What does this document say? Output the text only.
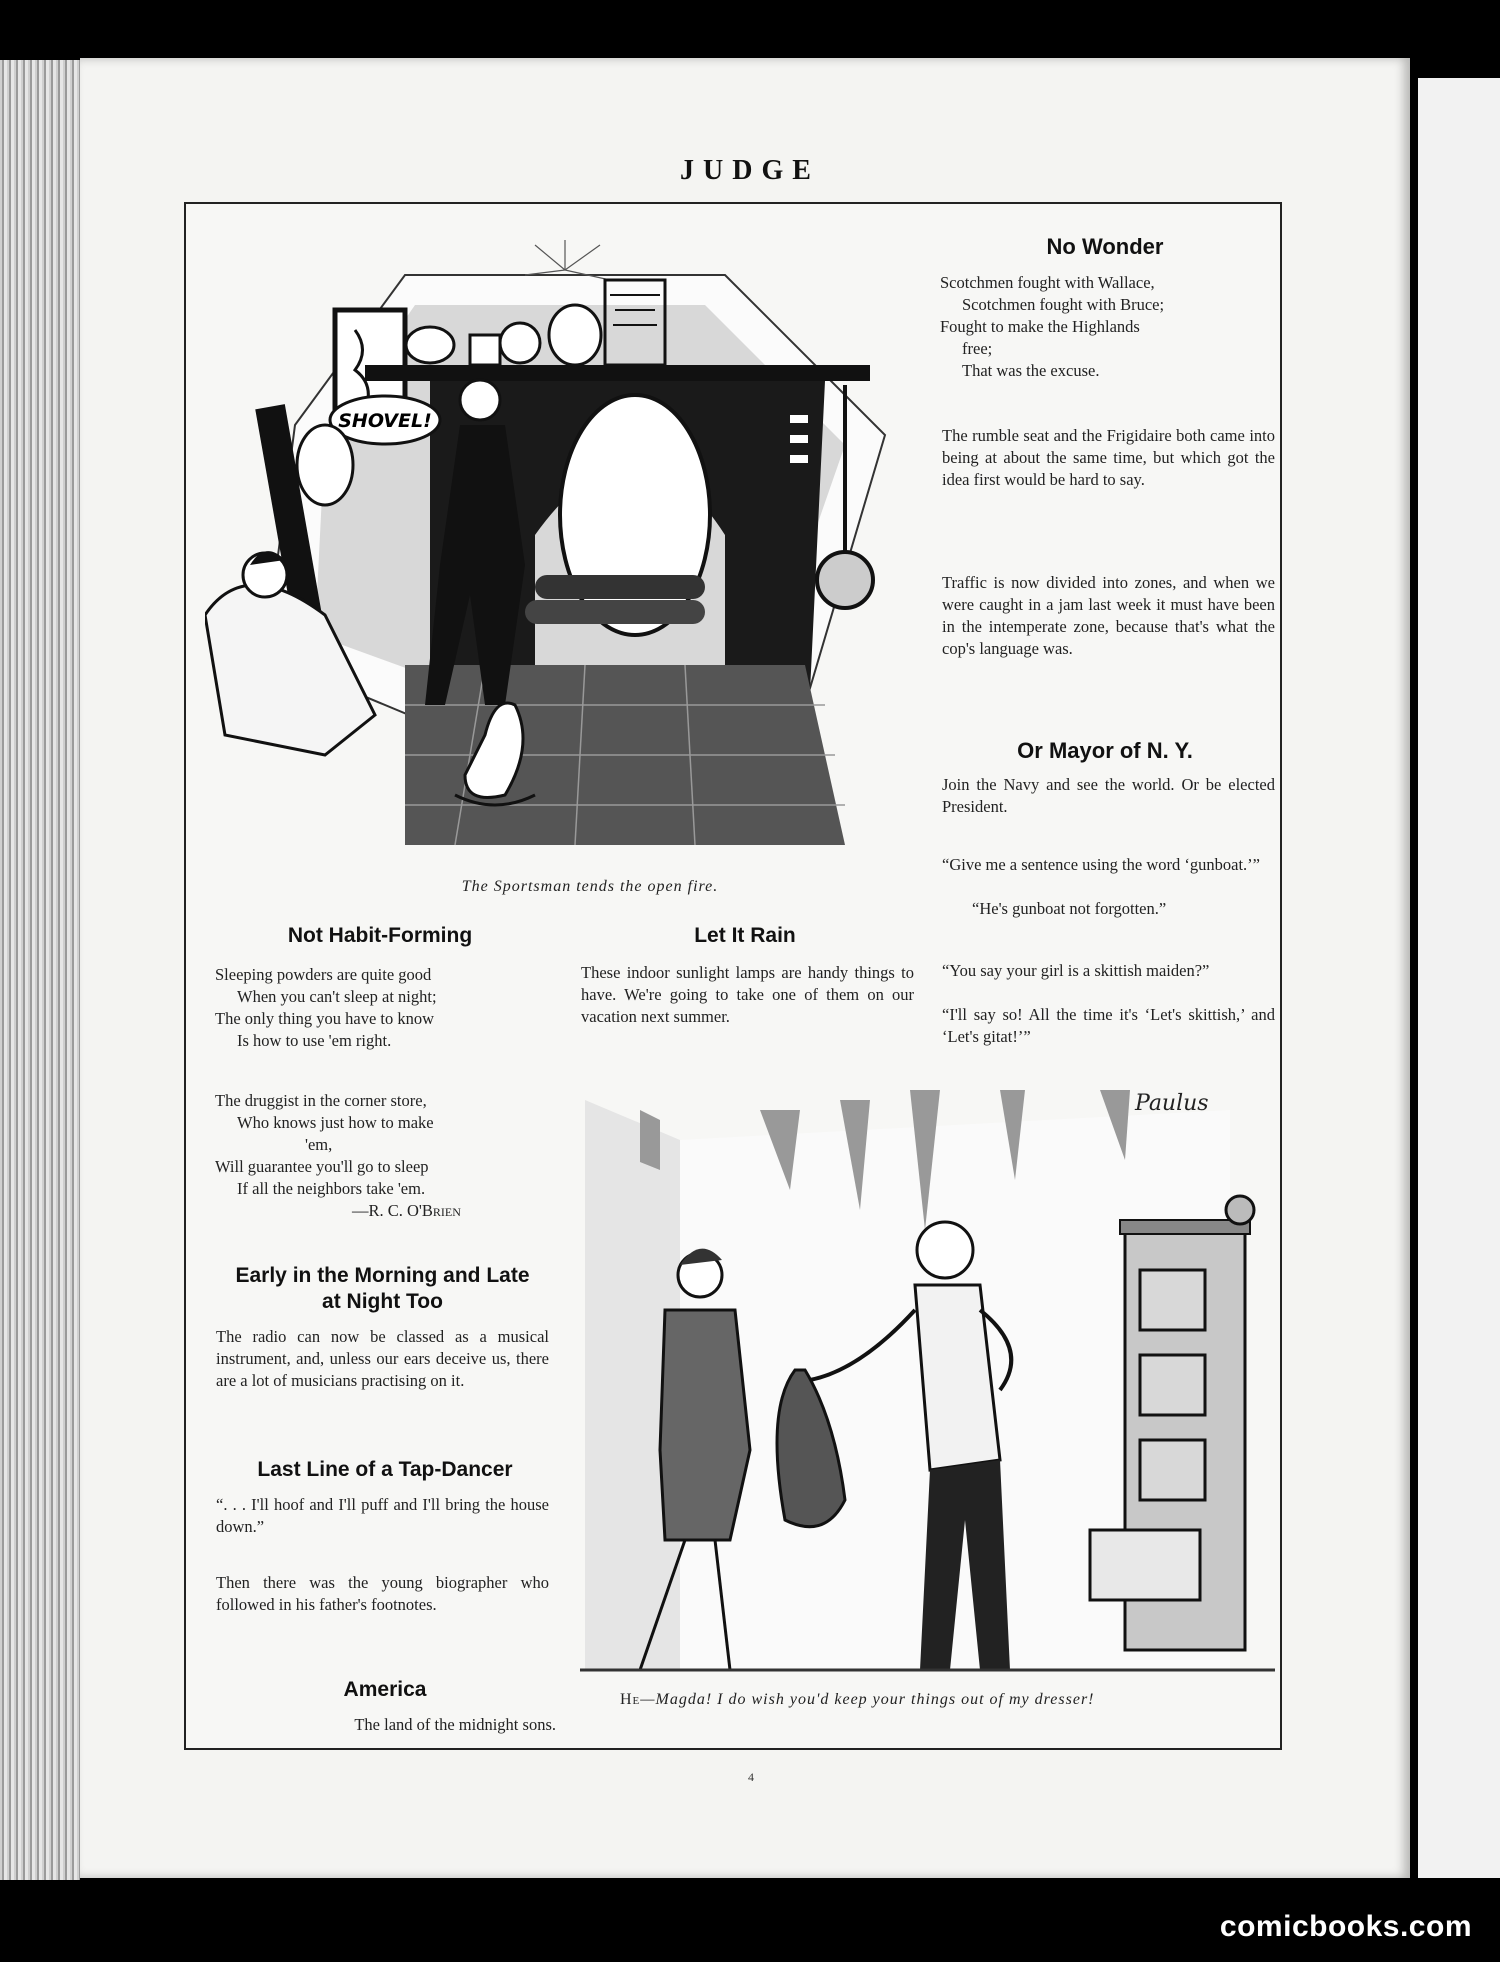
JUDGE
SHOVEL!
The Sportsman tends the open fire.
No Wonder
Scotchmen fought with Wallace,
Scotchmen fought with Bruce;
Fought to make the Highlands
free;
That was the excuse.

The rumble seat and the Frigidaire both came into being at about the same time, but which got the idea first would be hard to say.

Traffic is now divided into zones, and when we were caught in a jam last week it must have been in the intemperate zone, because that's what the cop's language was.

Or Mayor of N. Y.

Join the Navy and see the world. Or be elected President.

“Give me a sentence using the word ‘gunboat.’”

“He's gunboat not forgotten.”

“You say your girl is a skittish maiden?”

“I'll say so! All the time it's ‘Let's skittish,’ and ‘Let's gitat!’”

Not Habit-Forming
Sleeping powders are quite good
When you can't sleep at night;
The only thing you have to know
Is how to use 'em right.
The druggist in the corner store,
Who knows just how to make
'em,
Will guarantee you'll go to sleep
If all the neighbors take 'em.
—R. C. O'Brien
Early in the Morning and Late
at Night Too

The radio can now be classed as a musical instrument, and, unless our ears deceive us, there are a lot of musicians practising on it.

Last Line of a Tap-Dancer

“. . . I'll hoof and I'll puff and I'll bring the house down.”

Then there was the young biographer who followed in his father's footnotes.

America

The land of the midnight sons.

Let It Rain

These indoor sunlight lamps are handy things to have. We're going to take one of them on our vacation next summer.

Paulus
He—Magda! I do wish you'd keep your things out of my dresser!
4
comicbooks.com
